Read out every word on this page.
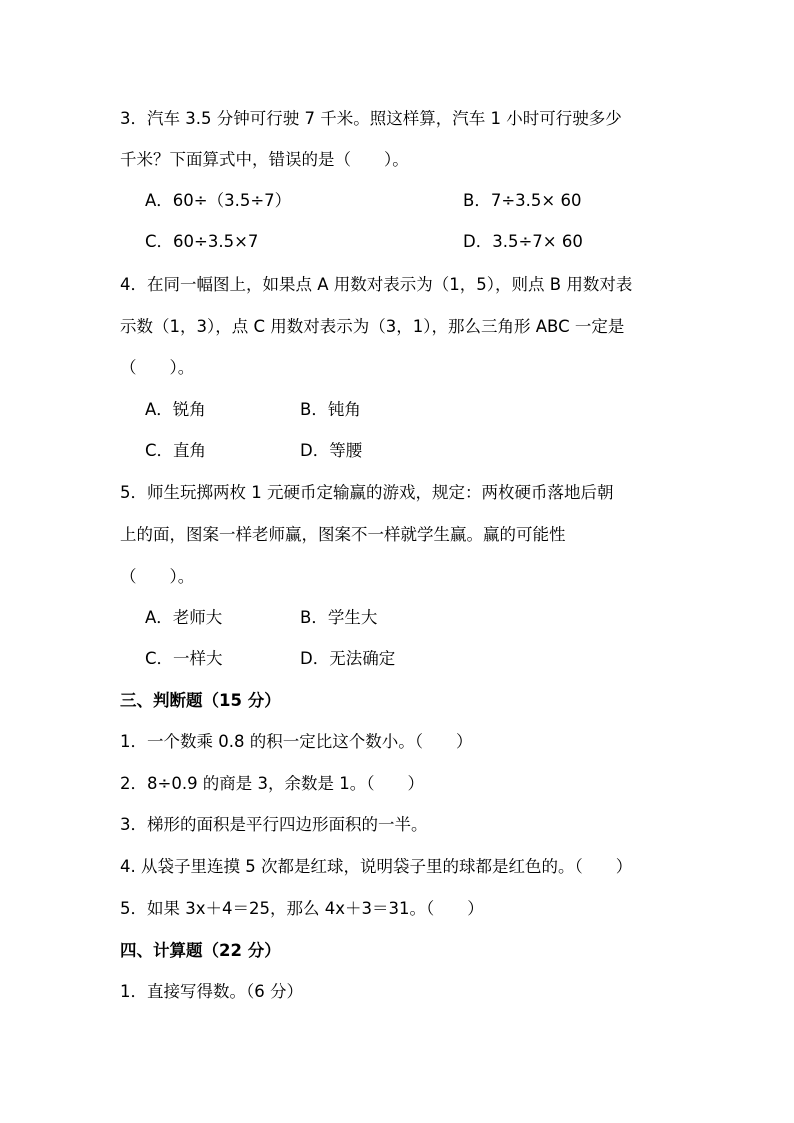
3．汽车 3.5 分钟可行驶 7 千米。照这样算，汽车 1 小时可行驶多少
千米？下面算式中，错误的是（　　）。
A．60÷（3.5÷7）	B．7÷3.5× 60
C．60÷3.5×7	D．3.5÷7× 60
4．在同一幅图上，如果点 A 用数对表示为（1，5），则点 B 用数对表
示数（1，3），点 C 用数对表示为（3，1），那么三角形 ABC 一定是
（　　）。
A．锐角	B．钝角
C．直角	D．等腰
5．师生玩掷两枚 1 元硬币定输赢的游戏，规定：两枚硬币落地后朝
上的面，图案一样老师赢，图案不一样就学生赢。赢的可能性
（　　）。
A．老师大	B．学生大
C．一样大	D．无法确定
三、判断题（15 分）
1．一个数乘 0.8 的积一定比这个数小。（　　）
2．8÷0.9 的商是 3，余数是 1。（　　）
3．梯形的面积是平行四边形面积的一半。
4. 从袋子里连摸 5 次都是红球，说明袋子里的球都是红色的。（　　）
5．如果 3x＋4＝25，那么 4x＋3＝31。（　　）
四、计算题（22 分）
1．直接写得数。（6 分）
